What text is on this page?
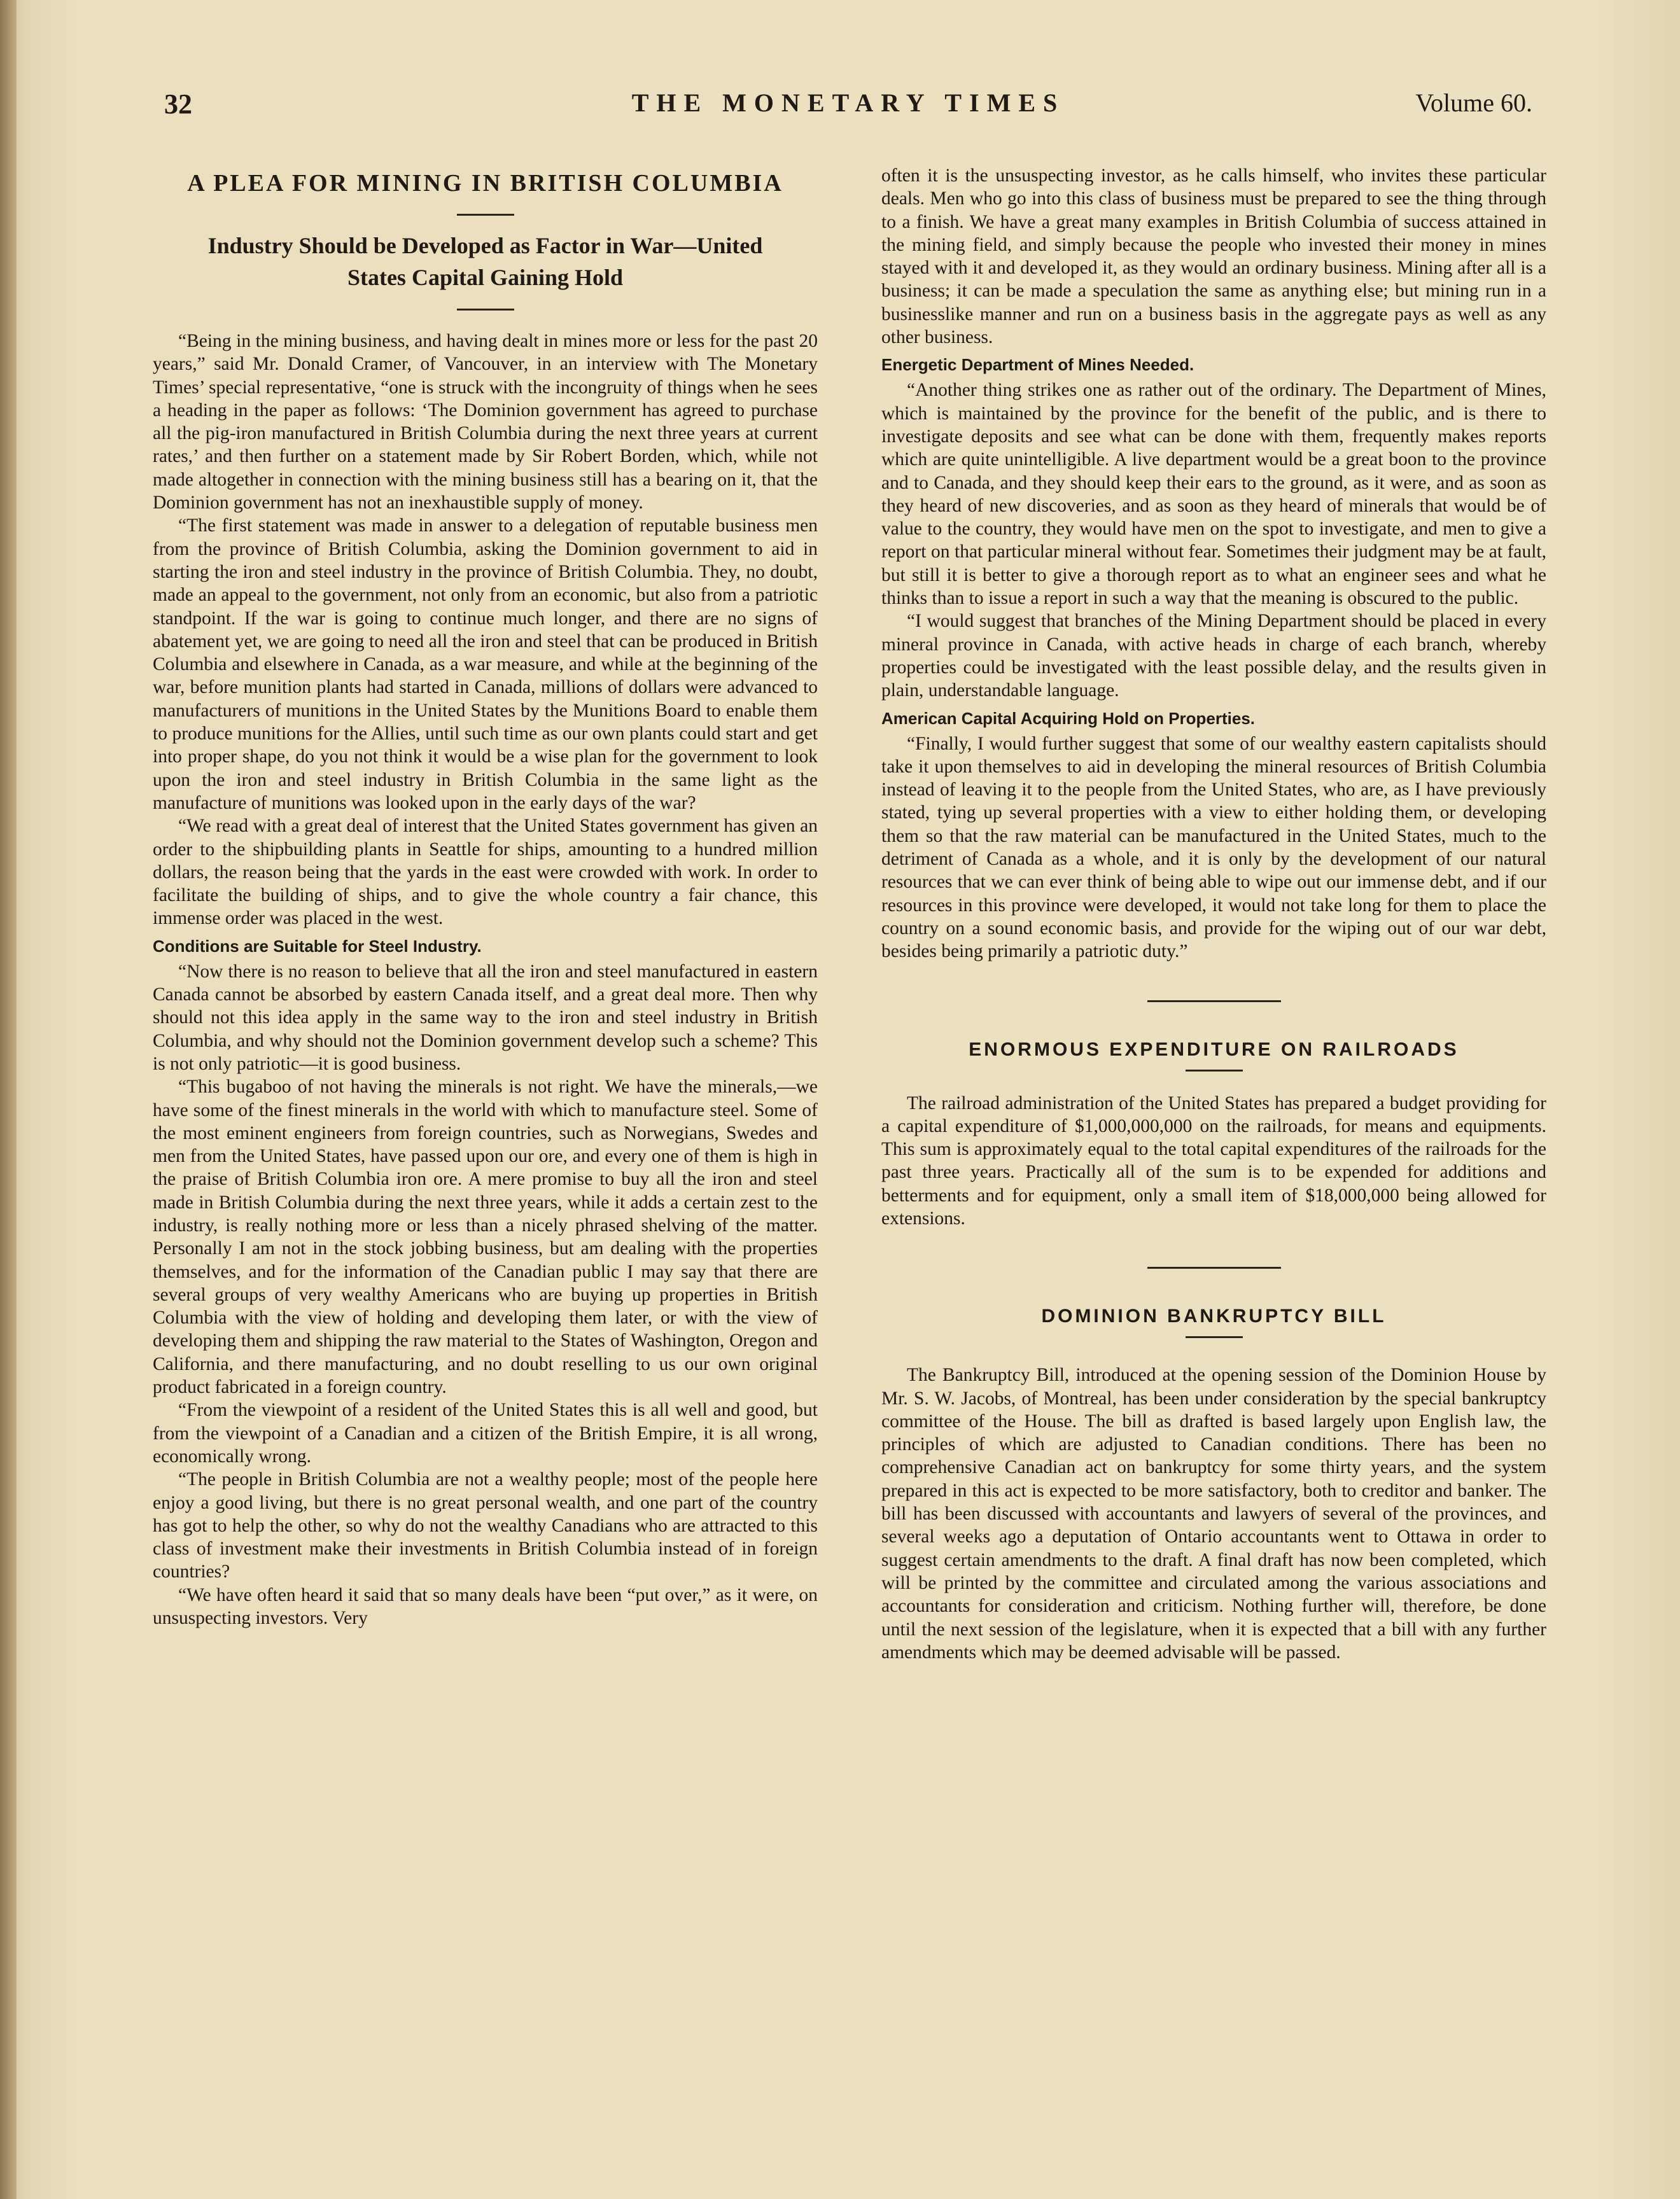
32	THE MONETARY TIMES	Volume 60.
A PLEA FOR MINING IN BRITISH COLUMBIA
Industry Should be Developed as Factor in War—United States Capital Gaining Hold

“Being in the mining business, and having dealt in mines more or less for the past 20 years,” said Mr. Donald Cramer, of Vancouver, in an interview with The Monetary Times’ special representative, “one is struck with the incongruity of things when he sees a heading in the paper as follows: ‘The Dominion government has agreed to purchase all the pig-iron manufactured in British Columbia during the next three years at current rates,’ and then further on a statement made by Sir Robert Borden, which, while not made altogether in connection with the mining business still has a bearing on it, that the Dominion government has not an inexhaustible supply of money.

“The first statement was made in answer to a delegation of reputable business men from the province of British Columbia, asking the Dominion government to aid in starting the iron and steel industry in the province of British Columbia. They, no doubt, made an appeal to the government, not only from an economic, but also from a patriotic standpoint. If the war is going to continue much longer, and there are no signs of abatement yet, we are going to need all the iron and steel that can be produced in British Columbia and elsewhere in Canada, as a war measure, and while at the beginning of the war, before munition plants had started in Canada, millions of dollars were advanced to manufacturers of munitions in the United States by the Munitions Board to enable them to produce munitions for the Allies, until such time as our own plants could start and get into proper shape, do you not think it would be a wise plan for the government to look upon the iron and steel industry in British Columbia in the same light as the manufacture of munitions was looked upon in the early days of the war?

“We read with a great deal of interest that the United States government has given an order to the shipbuilding plants in Seattle for ships, amounting to a hundred million dollars, the reason being that the yards in the east were crowded with work. In order to facilitate the building of ships, and to give the whole country a fair chance, this immense order was placed in the west.

Conditions are Suitable for Steel Industry.

“Now there is no reason to believe that all the iron and steel manufactured in eastern Canada cannot be absorbed by eastern Canada itself, and a great deal more. Then why should not this idea apply in the same way to the iron and steel industry in British Columbia, and why should not the Dominion government develop such a scheme? This is not only patriotic—it is good business.

“This bugaboo of not having the minerals is not right. We have the minerals,—we have some of the finest minerals in the world with which to manufacture steel. Some of the most eminent engineers from foreign countries, such as Norwegians, Swedes and men from the United States, have passed upon our ore, and every one of them is high in the praise of British Columbia iron ore. A mere promise to buy all the iron and steel made in British Columbia during the next three years, while it adds a certain zest to the industry, is really nothing more or less than a nicely phrased shelving of the matter. Personally I am not in the stock jobbing business, but am dealing with the properties themselves, and for the information of the Canadian public I may say that there are several groups of very wealthy Americans who are buying up properties in British Columbia with the view of holding and developing them later, or with the view of developing them and shipping the raw material to the States of Washington, Oregon and California, and there manufacturing, and no doubt reselling to us our own original product fabricated in a foreign country.

“From the viewpoint of a resident of the United States this is all well and good, but from the viewpoint of a Canadian and a citizen of the British Empire, it is all wrong, economically wrong.

“The people in British Columbia are not a wealthy people; most of the people here enjoy a good living, but there is no great personal wealth, and one part of the country has got to help the other, so why do not the wealthy Canadians who are attracted to this class of investment make their investments in British Columbia instead of in foreign countries?

“We have often heard it said that so many deals have been “put over,” as it were, on unsuspecting investors. Very

often it is the unsuspecting investor, as he calls himself, who invites these particular deals. Men who go into this class of business must be prepared to see the thing through to a finish. We have a great many examples in British Columbia of success attained in the mining field, and simply because the people who invested their money in mines stayed with it and developed it, as they would an ordinary business. Mining after all is a business; it can be made a speculation the same as anything else; but mining run in a businesslike manner and run on a business basis in the aggregate pays as well as any other business.

Energetic Department of Mines Needed.

“Another thing strikes one as rather out of the ordinary. The Department of Mines, which is maintained by the province for the benefit of the public, and is there to investigate deposits and see what can be done with them, frequently makes reports which are quite unintelligible. A live department would be a great boon to the province and to Canada, and they should keep their ears to the ground, as it were, and as soon as they heard of new discoveries, and as soon as they heard of minerals that would be of value to the country, they would have men on the spot to investigate, and men to give a report on that particular mineral without fear. Sometimes their judgment may be at fault, but still it is better to give a thorough report as to what an engineer sees and what he thinks than to issue a report in such a way that the meaning is obscured to the public.

“I would suggest that branches of the Mining Department should be placed in every mineral province in Canada, with active heads in charge of each branch, whereby properties could be investigated with the least possible delay, and the results given in plain, understandable language.

American Capital Acquiring Hold on Properties.

“Finally, I would further suggest that some of our wealthy eastern capitalists should take it upon themselves to aid in developing the mineral resources of British Columbia instead of leaving it to the people from the United States, who are, as I have previously stated, tying up several properties with a view to either holding them, or developing them so that the raw material can be manufactured in the United States, much to the detriment of Canada as a whole, and it is only by the development of our natural resources that we can ever think of being able to wipe out our immense debt, and if our resources in this province were developed, it would not take long for them to place the country on a sound economic basis, and provide for the wiping out of our war debt, besides being primarily a patriotic duty.”

ENORMOUS EXPENDITURE ON RAILROADS

The railroad administration of the United States has prepared a budget providing for a capital expenditure of $1,000,000,000 on the railroads, for means and equipments. This sum is approximately equal to the total capital expenditures of the railroads for the past three years. Practically all of the sum is to be expended for additions and betterments and for equipment, only a small item of $18,000,000 being allowed for extensions.

DOMINION BANKRUPTCY BILL

The Bankruptcy Bill, introduced at the opening session of the Dominion House by Mr. S. W. Jacobs, of Montreal, has been under consideration by the special bankruptcy committee of the House. The bill as drafted is based largely upon English law, the principles of which are adjusted to Canadian conditions. There has been no comprehensive Canadian act on bankruptcy for some thirty years, and the system prepared in this act is expected to be more satisfactory, both to creditor and banker. The bill has been discussed with accountants and lawyers of several of the provinces, and several weeks ago a deputation of Ontario accountants went to Ottawa in order to suggest certain amendments to the draft. A final draft has now been completed, which will be printed by the committee and circulated among the various associations and accountants for consideration and criticism. Nothing further will, therefore, be done until the next session of the legislature, when it is expected that a bill with any further amendments which may be deemed advisable will be passed.
